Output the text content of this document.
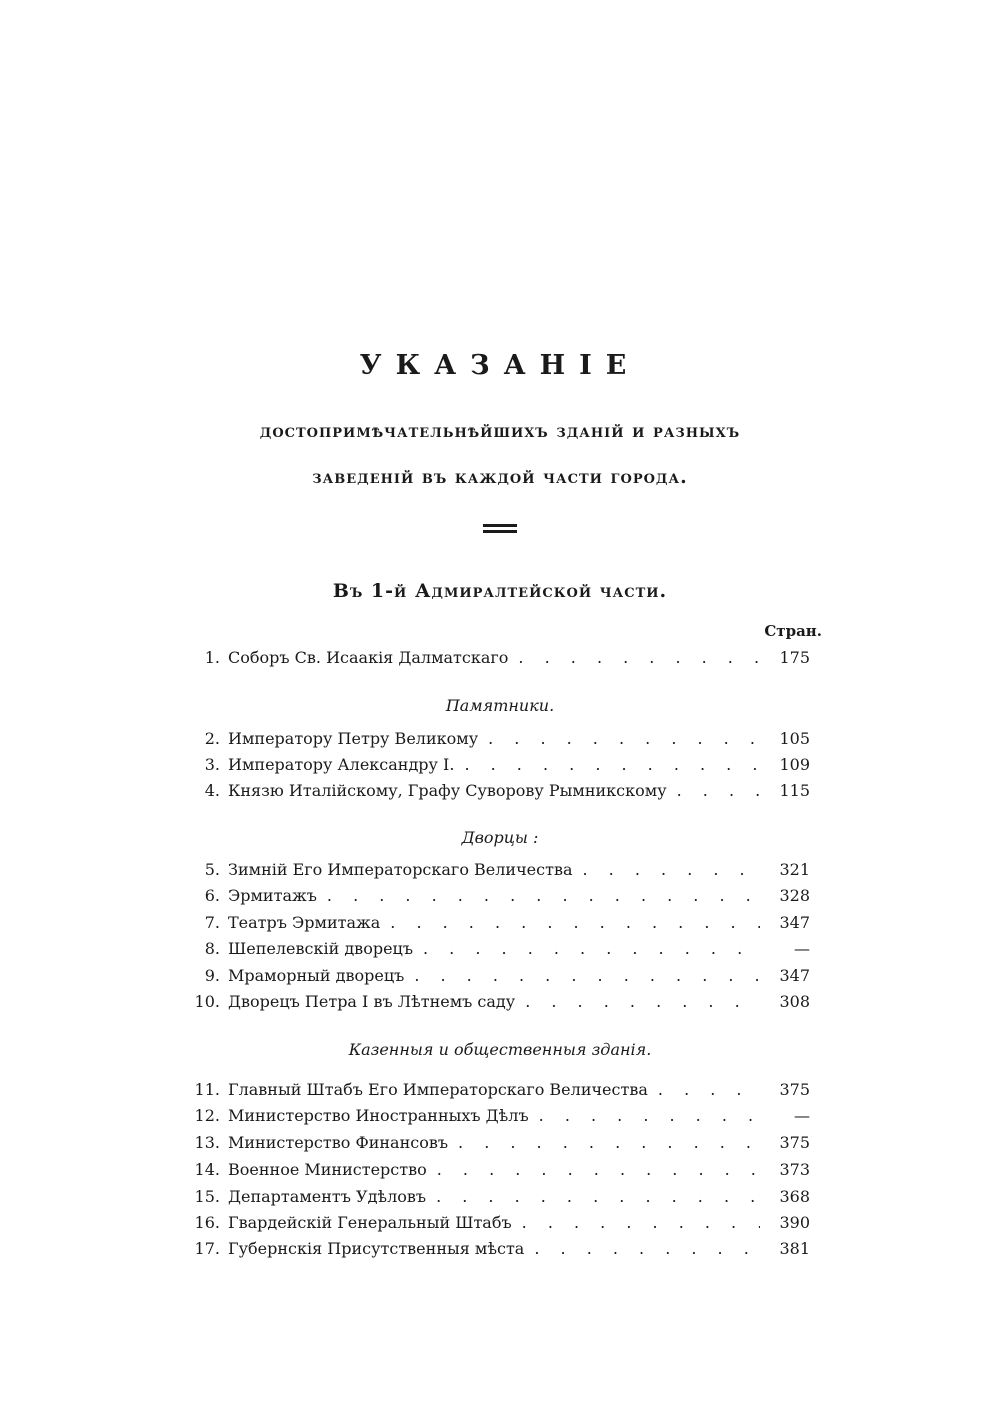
УКАЗАНІЕ
достопримѣчательнѣйшихъ зданій и разныхъ
заведеній въ каждой части города.
Въ 1-й Адмиралтейской части.
Стран.
1. Соборъ Св. Исаакія Далматскаго . . .	175
Памятники.
2. Императору Петру Великому . . .	105
3. Императору Александру I. . . .	109
4. Князю Италійскому, Графу Суворову Рымникскому . . .	115
Дворцы :
5. Зимній Его Императорскаго Величества . . .	321
6. Эрмитажъ . . .	328
7. Театръ Эрмитажа . . .	347
8. Шепелевскій дворецъ . . .	—
9. Мраморный дворецъ . . .	347
10. Дворецъ Петра I въ Лѣтнемъ саду . . .	308
Казенныя и общественныя зданія.
11. Главный Штабъ Его Императорскаго Величества . . .	375
12. Министерство Иностранныхъ Дѣлъ . . .	—
13. Министерство Финансовъ . . .	375
14. Военное Министерство . . .	373
15. Департаментъ Удѣловъ . . .	368
16. Гвардейскій Генеральный Штабъ . . .	390
17. Губернскія Присутственныя мѣста . . .	381
